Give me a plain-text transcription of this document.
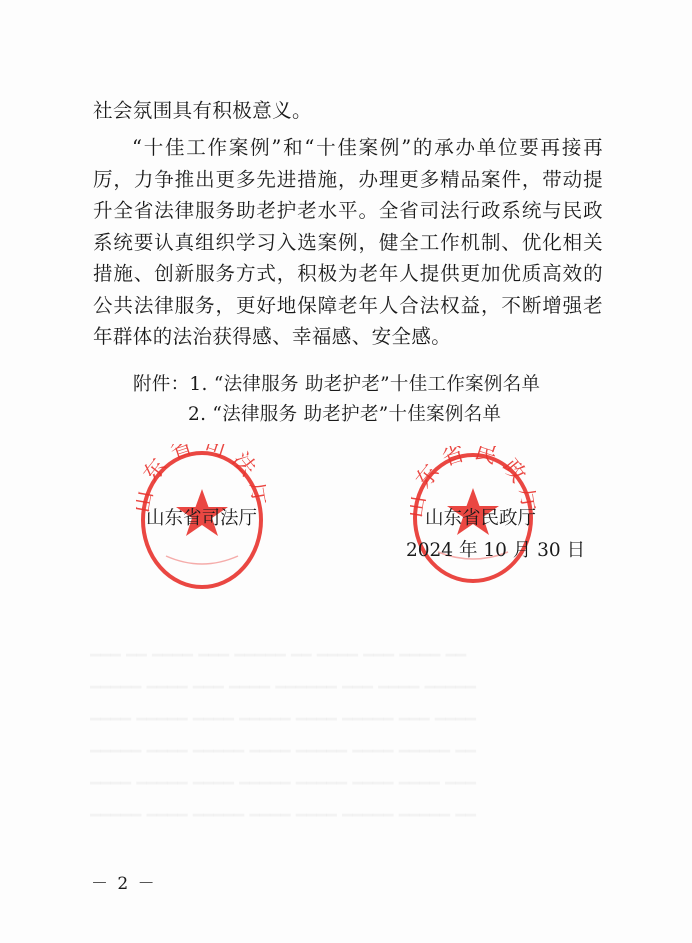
━━━ ━━ ━━━━ ━━━ ━━━━━ ━━ ━━━━ ━━━ ━━━━ ━━
━━━━━ ━━━━ ━━━ ━━━━ ━━━━━━ ━━━ ━━━━ ━━━━━
━━━━ ━━━━━ ━━━━ ━━━━━ ━━━━ ━━━━━ ━━━ ━━━━
━━━━━ ━━━━ ━━━━━ ━━━━ ━━━━━ ━━━━ ━━━━━ ━━
━━━━ ━━━━━ ━━━━ ━━━━━ ━━━━━ ━━━━ ━━━━ ━━━
━━━━━ ━━━━ ━━━━━ ━━━━ ━━━━ ━━━━━ ━━━━━ ━━

社会氛围具有积极意义。

“十佳工作案例”和“十佳案例”的承办单位要再接再厉，力争推出更多先进措施，办理更多精品案件，带动提升全省法律服务助老护老水平。全省司法行政系统与民政系统要认真组织学习入选案例，健全工作机制、优化相关措施、创新服务方式，积极为老年人提供更加优质高效的公共法律服务，更好地保障老年人合法权益，不断增强老年群体的法治获得感、幸福感、安全感。

附件：1. “法律服务 助老护老”十佳工作案例名单
2. “法律服务 助老护老”十佳案例名单
东省司法	东省民政
山东省司法厅	山东省民政厅
2024 年 10 月 30 日
－ 2 －
